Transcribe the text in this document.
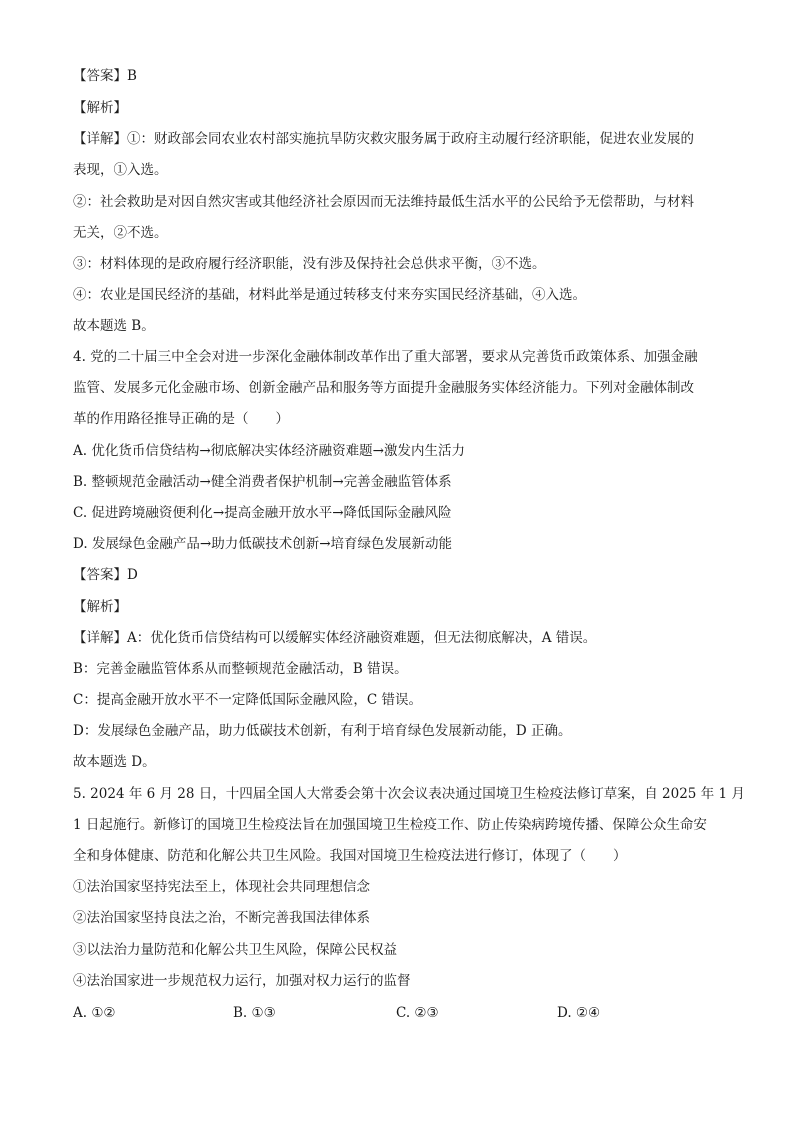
【答案】B
【解析】
【详解】①：财政部会同农业农村部实施抗旱防灾救灾服务属于政府主动履行经济职能，促进农业发展的
表现，①入选。
②：社会救助是对因自然灾害或其他经济社会原因而无法维持最低生活水平的公民给予无偿帮助，与材料
无关，②不选。
③：材料体现的是政府履行经济职能，没有涉及保持社会总供求平衡，③不选。
④：农业是国民经济的基础，材料此举是通过转移支付来夯实国民经济基础，④入选。
故本题选 B。
4. 党的二十届三中全会对进一步深化金融体制改革作出了重大部署，要求从完善货币政策体系、加强金融
监管、发展多元化金融市场、创新金融产品和服务等方面提升金融服务实体经济能力。下列对金融体制改
革的作用路径推导正确的是（　　）
A. 优化货币信贷结构→彻底解决实体经济融资难题→激发内生活力
B. 整顿规范金融活动→健全消费者保护机制→完善金融监管体系
C. 促进跨境融资便利化→提高金融开放水平→降低国际金融风险
D. 发展绿色金融产品→助力低碳技术创新→培育绿色发展新动能
【答案】D
【解析】
【详解】A：优化货币信贷结构可以缓解实体经济融资难题，但无法彻底解决，A 错误。
B：完善金融监管体系从而整顿规范金融活动，B 错误。
C：提高金融开放水平不一定降低国际金融风险，C 错误。
D：发展绿色金融产品，助力低碳技术创新，有利于培育绿色发展新动能，D 正确。
故本题选 D。
5. 2024 年 6 月 28 日，十四届全国人大常委会第十次会议表决通过国境卫生检疫法修订草案，自 2025 年 1 月
1 日起施行。新修订的国境卫生检疫法旨在加强国境卫生检疫工作、防止传染病跨境传播、保障公众生命安
全和身体健康、防范和化解公共卫生风险。我国对国境卫生检疫法进行修订，体现了（　　）
①法治国家坚持宪法至上，体现社会共同理想信念
②法治国家坚持良法之治，不断完善我国法律体系
③以法治力量防范和化解公共卫生风险，保障公民权益
④法治国家进一步规范权力运行，加强对权力运行的监督
A. ①②	B. ①③	C. ②③	D. ②④
